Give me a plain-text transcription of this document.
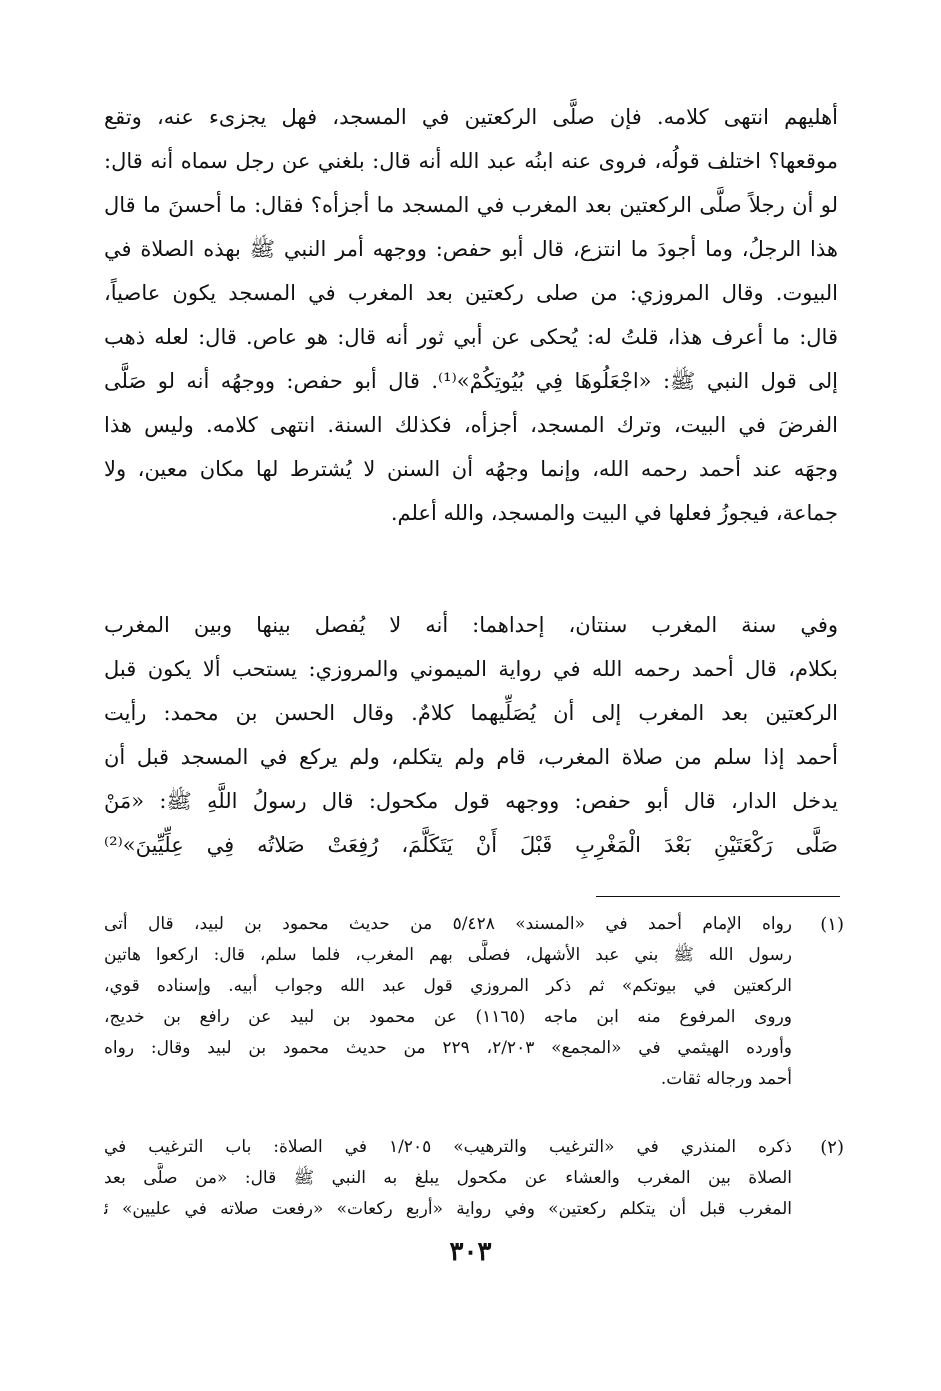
أهليهم انتهى كلامه. فإن صلَّى الركعتين في المسجد، فهل يجزىء عنه، وتقع
موقعها؟ اختلف قولُه، فروى عنه ابنُه عبد الله أنه قال: بلغني عن رجل سماه أنه قال:
لو أن رجلاً صلَّى الركعتين بعد المغرب في المسجد ما أجزأه؟ فقال: ما أحسنَ ما قال
هذا الرجلُ، وما أجودَ ما انتزع، قال أبو حفص: ووجهه أمر النبي ﷺ بهذه الصلاة في
البيوت. وقال المروزي: من صلى ركعتين بعد المغرب في المسجد يكون عاصياً،
قال: ما أعرف هذا، قلتُ له: يُحكى عن أبي ثور أنه قال: هو عاص. قال: لعله ذهب
إلى قول النبي ﷺ: «اجْعَلُوهَا فِي بُيُوتِكُمْ»⁽¹⁾. قال أبو حفص: ووجهُه أنه لو صَلَّى
الفرضَ في البيت، وترك المسجد، أجزأه، فكذلك السنة. انتهى كلامه. وليس هذا
وجهَه عند أحمد رحمه الله، وإنما وجهُه أن السنن لا يُشترط لها مكان معين، ولا
جماعة، فيجوزُ فعلها في البيت والمسجد، والله أعلم.
وفي سنة المغرب سنتان، إحداهما: أنه لا يُفصل بينها وبين المغرب
بكلام، قال أحمد رحمه الله في رواية الميموني والمروزي: يستحب ألا يكون قبل
الركعتين بعد المغرب إلى أن يُصَلِّيهما كلامٌ. وقال الحسن بن محمد: رأيت
أحمد إذا سلم من صلاة المغرب، قام ولم يتكلم، ولم يركع في المسجد قبل أن
يدخل الدار، قال أبو حفص: ووجهه قول مكحول: قال رسولُ اللَّهِ ﷺ: «مَنْ
صَلَّى رَكْعَتَيْنِ بَعْدَ الْمَغْرِبِ قَبْلَ أَنْ يَتَكَلَّمَ، رُفِعَتْ صَلاتُه فِي عِلِّيِّينَ»⁽²⁾
(١)
رواه الإمام أحمد في «المسند» ٥/٤٢٨ من حديث محمود بن لبيد، قال أتى
رسول الله ﷺ بني عبد الأشهل، فصلَّى بهم المغرب، فلما سلم، قال: اركعوا هاتين
الركعتين في بيوتكم» ثم ذكر المروزي قول عبد الله وجواب أبيه. وإسناده قوي،
وروى المرفوع منه ابن ماجه (١١٦٥) عن محمود بن لبيد عن رافع بن خديج،
وأورده الهيثمي في «المجمع» ٢/٢٠٣، ٢٢٩ من حديث محمود بن لبيد وقال: رواه
أحمد ورجاله ثقات.
(٢)
ذكره المنذري في «الترغيب والترهيب» ١/٢٠٥ في الصلاة: باب الترغيب في
الصلاة بين المغرب والعشاء عن مكحول يبلغ به النبي ﷺ قال: «من صلَّى بعد
المغرب قبل أن يتكلم ركعتين» وفي رواية «أربع ركعات» «رفعت صلاته في عليين» ﺋ
٣٠٣
